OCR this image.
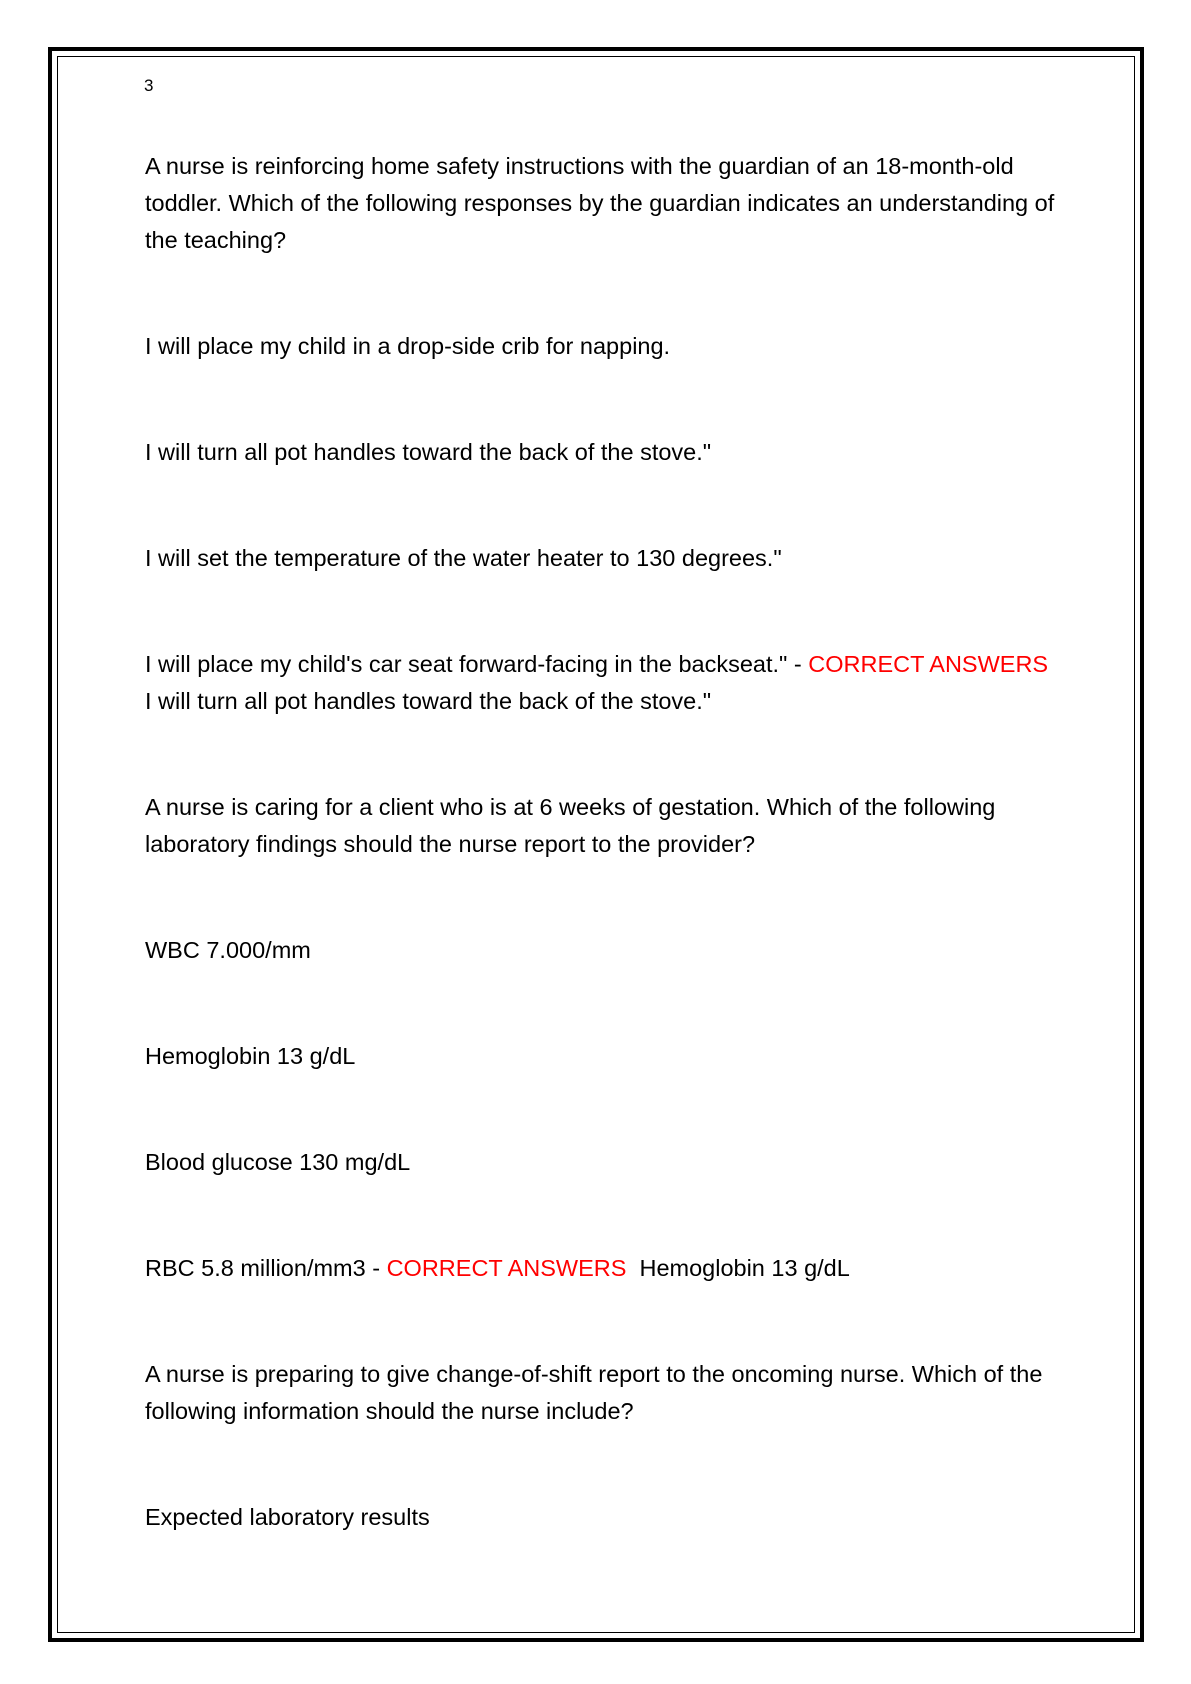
3

A nurse is reinforcing home safety instructions with the guardian of an 18-month-old toddler. Which of the following responses by the guardian indicates an understanding of the teaching?

I will place my child in a drop-side crib for napping.

I will turn all pot handles toward the back of the stove."

I will set the temperature of the water heater to 130 degrees."

I will place my child's car seat forward-facing in the backseat." - CORRECT ANSWERS  I will turn all pot handles toward the back of the stove."

A nurse is caring for a client who is at 6 weeks of gestation. Which of the following laboratory findings should the nurse report to the provider?

WBC 7.000/mm

Hemoglobin 13 g/dL

Blood glucose 130 mg/dL

RBC 5.8 million/mm3 - CORRECT ANSWERS Hemoglobin 13 g/dL

A nurse is preparing to give change-of-shift report to the oncoming nurse. Which of the following information should the nurse include?

Expected laboratory results
